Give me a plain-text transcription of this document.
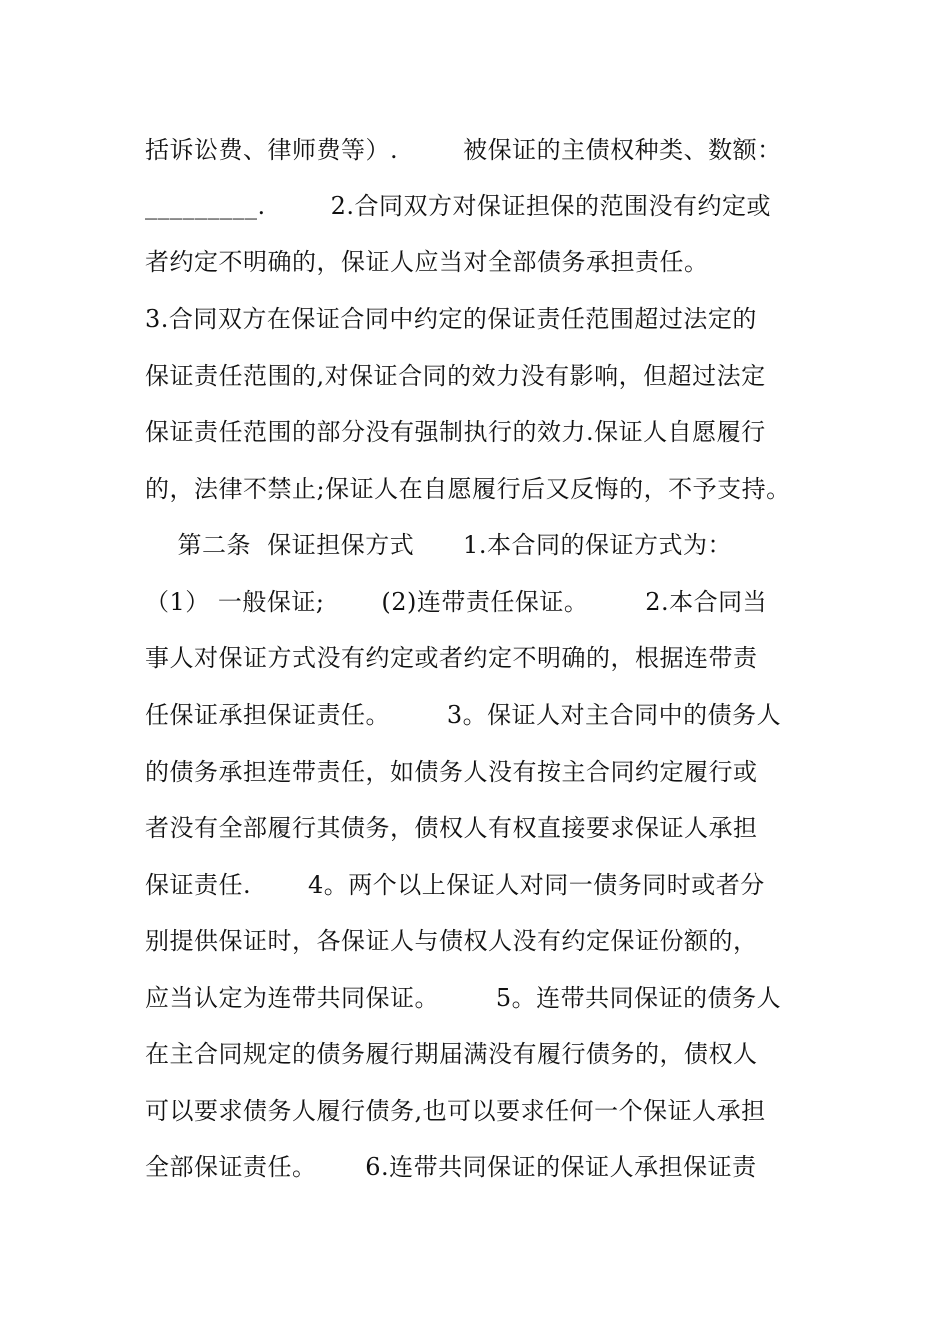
括诉讼费、律师费等）.        被保证的主债权种类、数额：
_________.        2.合同双方对保证担保的范围没有约定或
者约定不明确的，保证人应当对全部债务承担责任。
3.合同双方在保证合同中约定的保证责任范围超过法定的
保证责任范围的,对保证合同的效力没有影响，但超过法定
保证责任范围的部分没有强制执行的效力.保证人自愿履行
的，法律不禁止;保证人在自愿履行后又反悔的，不予支持。
第二条  保证担保方式      1.本合同的保证方式为：
（1） 一般保证;       (2)连带责任保证。       2.本合同当
事人对保证方式没有约定或者约定不明确的，根据连带责
任保证承担保证责任。       3。保证人对主合同中的债务人
的债务承担连带责任，如债务人没有按主合同约定履行或
者没有全部履行其债务，债权人有权直接要求保证人承担
保证责任.       4。两个以上保证人对同一债务同时或者分
别提供保证时，各保证人与债权人没有约定保证份额的，
应当认定为连带共同保证。       5。连带共同保证的债务人
在主合同规定的债务履行期届满没有履行债务的，债权人
可以要求债务人履行债务,也可以要求任何一个保证人承担
全部保证责任。      6.连带共同保证的保证人承担保证责
